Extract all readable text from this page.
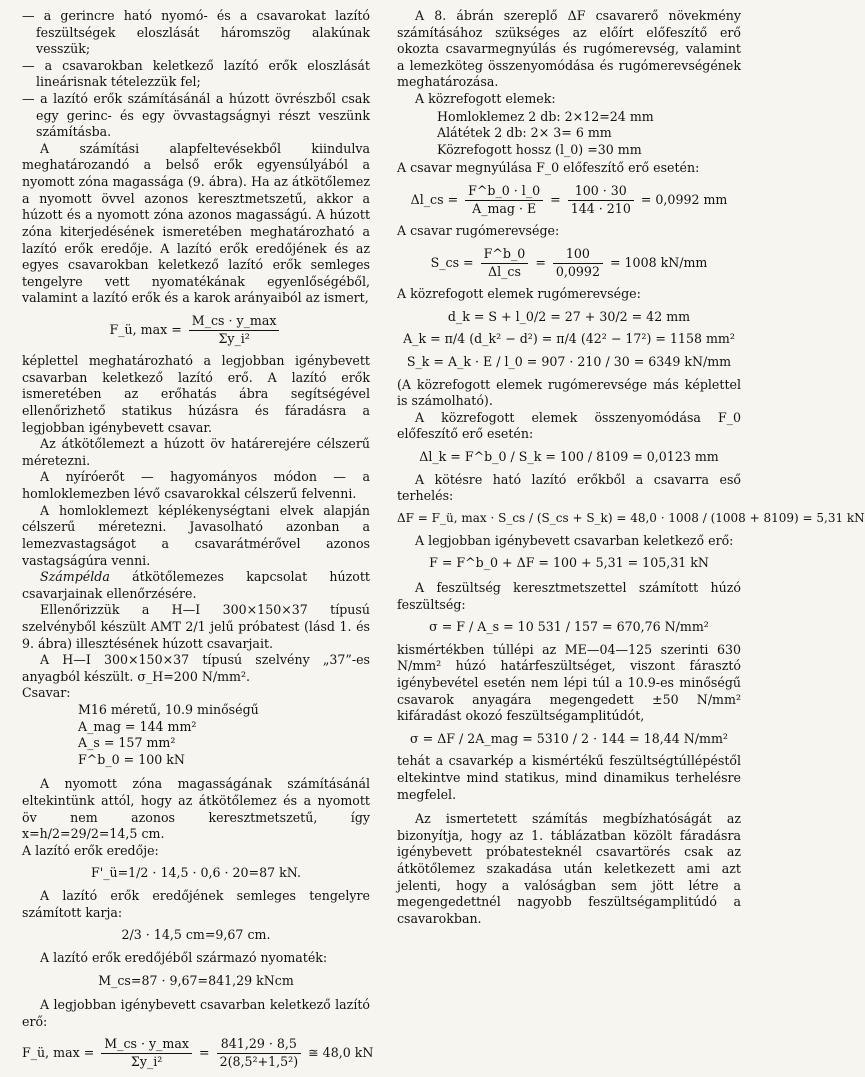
— a gerincre ható nyomó- és a csavarokat lazító feszültségek eloszlását háromszög alakúnak vesszük;

— a csavarokban keletkező lazító erők eloszlását lineárisnak tételezzük fel;

— a lazító erők számításánál a húzott övrészből csak egy gerinc- és egy övvastagságnyi részt veszünk számításba.

A számítási alapfeltevésekből kiindulva meghatározandó a belső erők egyensúlyából a nyomott zóna magassága (9. ábra). Ha az átkötőlemez a nyomott övvel azonos keresztmetszetű, akkor a húzott és a nyomott zóna azonos magasságú. A húzott zóna kiterjedésének ismeretében meghatározható a lazító erők eredője. A lazító erők eredőjének és az egyes csavarokban keletkező lazító erők semleges tengelyre vett nyomatékának egyenlőségéből, valamint a lazító erők és a karok arányaiból az ismert,

F_ü, $\max = \frac{M\_cs \cdot y\_\max}{\text{Σy\_i²}}$

képlettel meghatározható a legjobban igénybevett csavarban keletkező lazító erő. A lazító erők ismeretében az erőhatás ábra segítségével ellenőrizhető statikus húzásra és fáradásra a legjobban igénybevett csavar.

Az átkötőlemezt a húzott öv határerejére célszerű méretezni.

A nyíróerőt — hagyományos módon — a homloklemezben lévő csavarokkal célszerű felvenni.

A homloklemezt képlékenységtani elvek alapján célszerű méretezni. Javasolható azonban a lemezvastagságot a csavarátmérővel azonos vastagságúra venni.

Számpélda átkötőlemezes kapcsolat húzott csavarjainak ellenőrzésére.

Ellenőrizzük a H—I 300×150×37 típusú szelvényből készült AMT 2/1 jelű próbatest (lásd 1. és 9. ábra) illesztésének húzott csavarjait.

A H—I 300×150×37 típusú szelvény „37”-es anyagból készült. σ_H=200 N/mm².

Csavar:

M16 méretű, 10.9 minőségű
A_mag = 144 mm²
A_s = 157 mm²
F^b_0 = 100 kN

A nyomott zóna magasságának számításánál eltekintünk attól, hogy az átkötőlemez és a nyomott öv nem azonos keresztmetszetű, így x=h/2=29/2=14,5 cm.

A lazító erők eredője:

F'_ü=1/2 · 14,5 · 0,6 · 20=87 kN.

A lazító erők eredőjének semleges tengelyre számított karja:

2/3 · 14,5 cm=9,67 cm.

A lazító erők eredőjéből származó nyomaték:

M_cs=87 · 9,67=841,29 kNcm

A legjobban igénybevett csavarban keletkező lazító erő:

F_ü, $\max = \frac{M\_cs \cdot y\_\max}{\text{Σy\_i²}} = \frac{841,29 \cdot 8,5}{\text{2(8,5²+1,5²)}}$ ≅ 48,0 kN

A 8. ábrán szereplő ΔF csavarerő növekmény számításához szükséges az előírt előfeszítő erő okozta csavarmegnyúlás és rugómerevség, valamint a lemezköteg összenyomódása és rugómerevségének meghatározása.

A közrefogott elemek:

Homloklemez 2 db: 2×12=24 mm
Alátétek 2 db: 2× 3= 6 mm
Közrefogott hossz (l_0) =30 mm

A csavar megnyúlása F_0 előfeszítő erő esetén:

Δl_cs = $\frac{F\^{}b\_0 \cdot l\_0}{\text{A\_mag · E}} = \frac{100 \cdot 30}{144 \cdot 210} = 0,0992$ mm

A csavar rugómerevsége:

S_cs = $\frac{F\^{}b\_0}{\Delta l\_cs} = \frac{100}{0,0992} = 1008$ kN/mm

A közrefogott elemek rugómerevsége:

d_k = S + l_0/2 = 27 + 30/2 = 42 mm
A_k = π/4 (d_k² − d²) = π/4 (42² − 17²) = 1158 mm²
S_k = A_k · E / l_0 = 907 · 210 / 30 = 6349 kN/mm

(A közrefogott elemek rugómerevsége más képlettel is számolható).

A közrefogott elemek összenyomódása F_0 előfeszítő erő esetén:

Δl_k = F^b_0 / S_k = 100 / 8109 = 0,0123 mm

A kötésre ható lazító erőkből a csavarra eső terhelés:

ΔF = F_ü, max · S_cs / (S_cs + S_k) = 48,0 · 1008 / (1008 + 8109) = 5,31 kN

A legjobban igénybevett csavarban keletkező erő:

F = F^b_0 + ΔF = 100 + 5,31 = 105,31 kN

A feszültség keresztmetszettel számított húzó feszültség:

σ = F / A_s = 10 531 / 157 = 670,76 N/mm²

kismértékben túllépi az ME—04—125 szerinti 630 N/mm² húzó határfeszültséget, viszont fárasztó igénybevétel esetén nem lépi túl a 10.9-es minőségű csavarok anyagára megengedett ±50 N/mm² kifáradást okozó feszültségamplitúdót,

σ = ΔF / 2A_mag = 5310 / 2 · 144 = 18,44 N/mm²

tehát a csavarkép a kismértékű feszültségtúllépéstől eltekintve mind statikus, mind dinamikus terhelésre megfelel.

Az ismertetett számítás megbízhatóságát az bizonyítja, hogy az 1. táblázatban közölt fáradásra igénybevett próbatesteknél csavartörés csak az átkötőlemez szakadása után keletkezett ami azt jelenti, hogy a valóságban sem jött létre a megengedettnél nagyobb feszültségamplitúdó a csavarokban.
